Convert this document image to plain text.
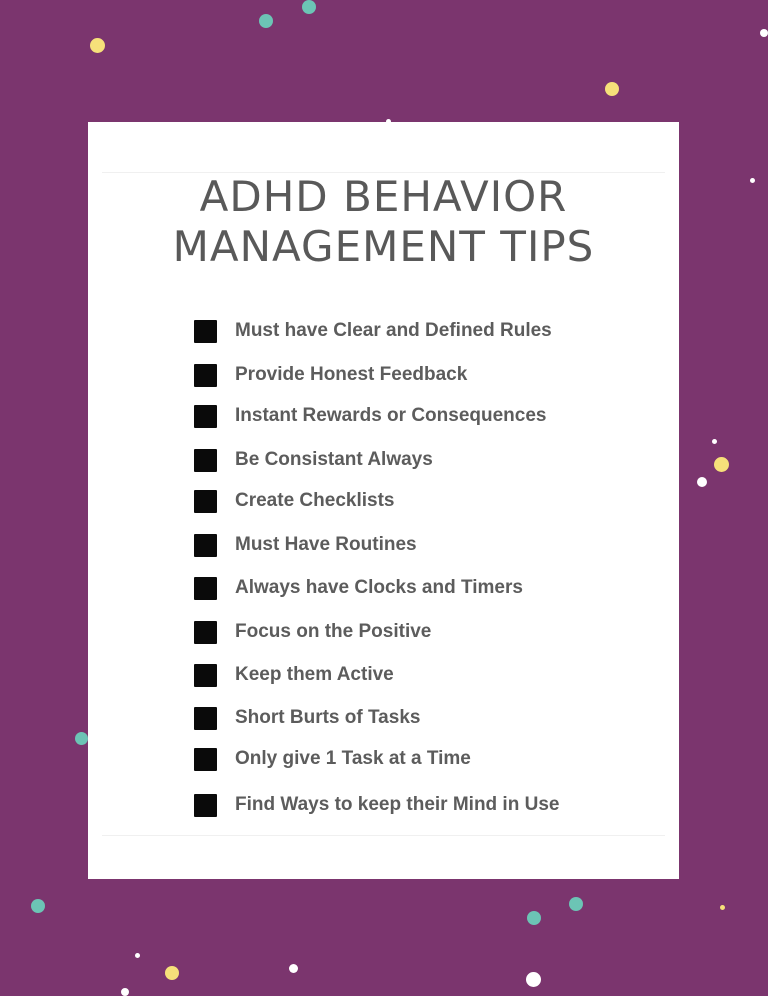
ADHD BEHAVIOR
MANAGEMENT TIPS
Must have Clear and Defined Rules
Provide Honest Feedback
Instant Rewards or Consequences
Be Consistant Always
Create Checklists
Must Have Routines
Always have Clocks and Timers
Focus on the Positive
Keep them Active
Short Burts of Tasks
Only give 1 Task at a Time
Find Ways to keep their Mind in Use
